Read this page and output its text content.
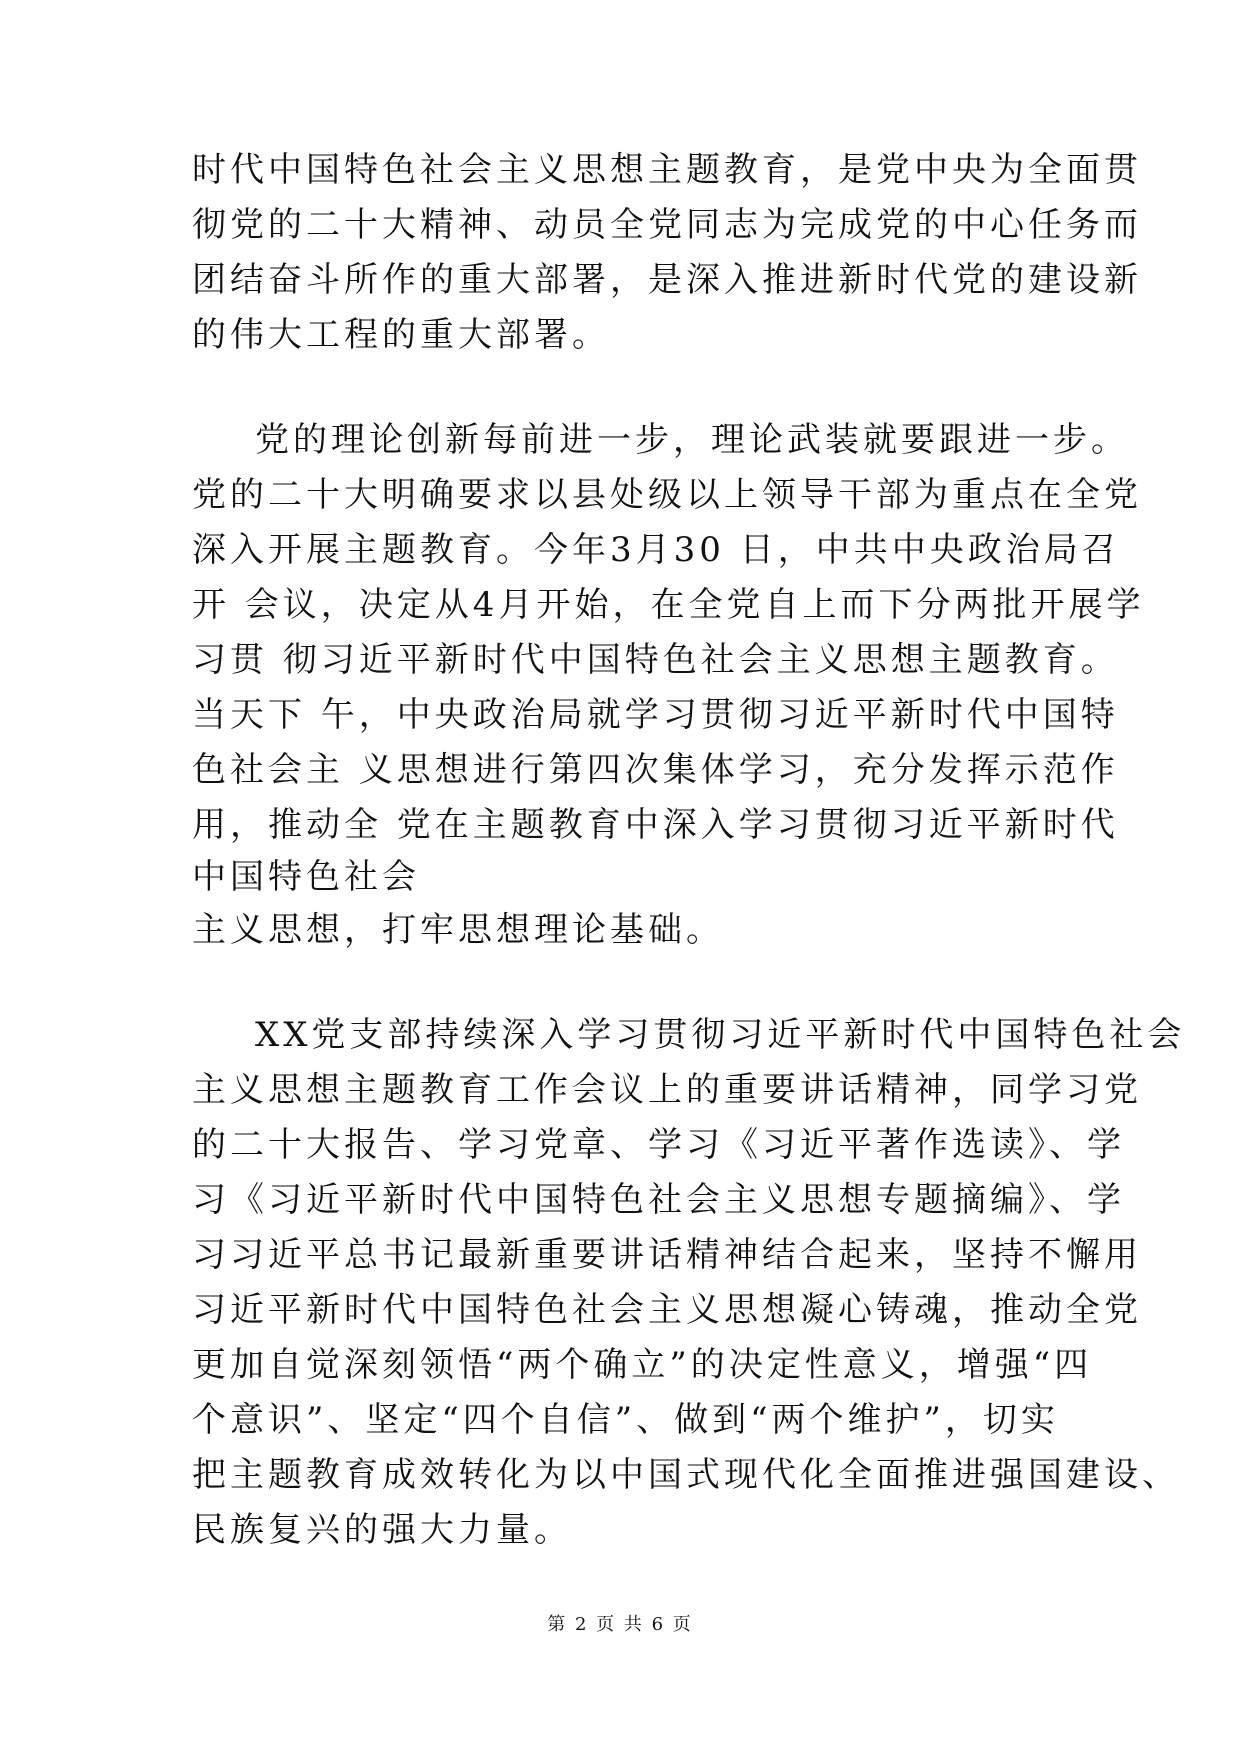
时代中国特色社会主义思想主题教育，是党中央为全面贯
彻党的二十大精神、动员全党同志为完成党的中心任务而
团结奋斗所作的重大部署，是深入推进新时代党的建设新
的伟大工程的重大部署。
党的理论创新每前进一步，理论武装就要跟进一步。
党的二十大明确要求以县处级以上领导干部为重点在全党
深入开展主题教育。今年3月30 日，中共中央政治局召
开 会议，决定从4月开始，在全党自上而下分两批开展学
习贯 彻习近平新时代中国特色社会主义思想主题教育。
当天下 午，中央政治局就学习贯彻习近平新时代中国特
色社会主 义思想进行第四次集体学习，充分发挥示范作
用，推动全 党在主题教育中深入学习贯彻习近平新时代
中国特色社会
主义思想，打牢思想理论基础。
XX党支部持续深入学习贯彻习近平新时代中国特色社会
主义思想主题教育工作会议上的重要讲话精神，同学习党
的二十大报告、学习党章、学习《习近平著作选读》、学
习《习近平新时代中国特色社会主义思想专题摘编》、学
习习近平总书记最新重要讲话精神结合起来，坚持不懈用
习近平新时代中国特色社会主义思想凝心铸魂，推动全党
更加自觉深刻领悟“两个确立”的决定性意义，增强“四
个意识”、坚定“四个自信”、做到“两个维护”，切实
把主题教育成效转化为以中国式现代化全面推进强国建设、
民族复兴的强大力量。
第 2 页 共 6 页
